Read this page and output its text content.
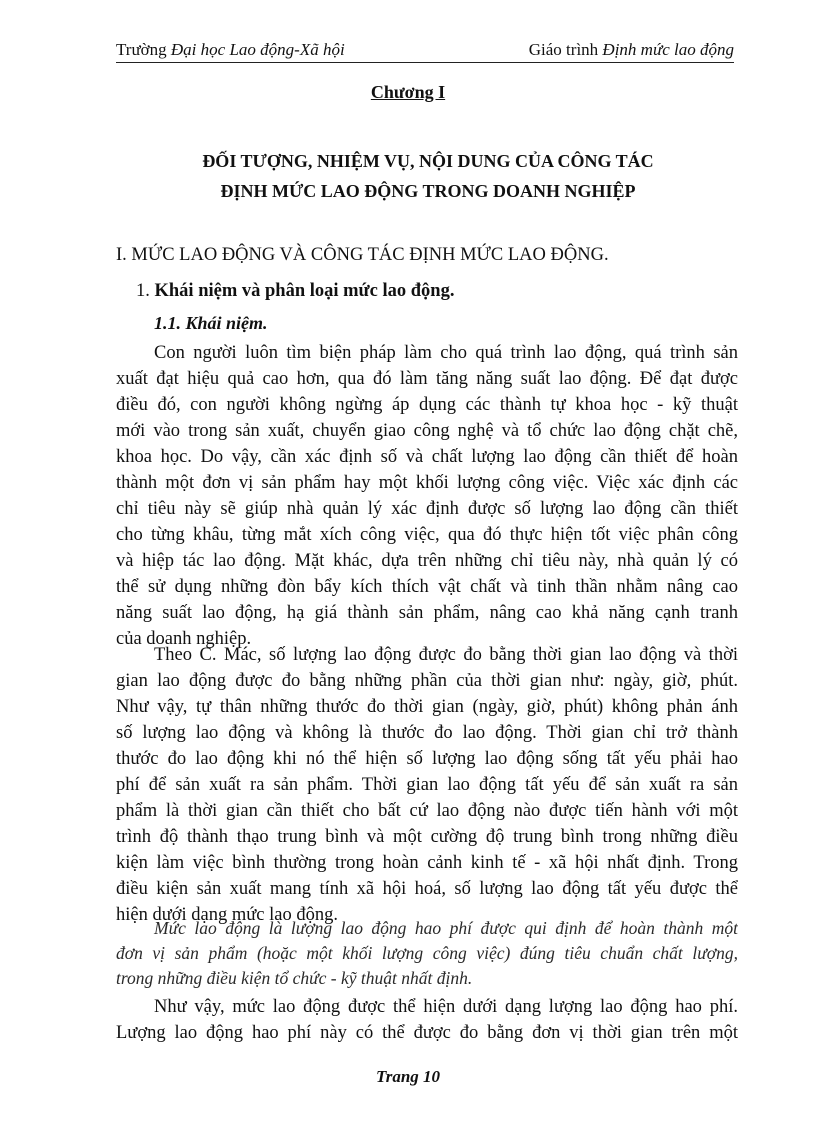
Trường Đại học Lao động-Xã hội	Giáo trình Định mức lao động
Chương I
ĐỐI TƯỢNG, NHIỆM VỤ, NỘI DUNG CỦA CÔNG TÁC
ĐỊNH MỨC LAO ĐỘNG TRONG DOANH NGHIỆP
I. MỨC LAO ĐỘNG VÀ CÔNG TÁC ĐỊNH MỨC LAO ĐỘNG.
1. Khái niệm và phân loại mức lao động.
1.1. Khái niệm.
Con người luôn tìm biện pháp làm cho quá trình lao động, quá trình sản
xuất đạt hiệu quả cao hơn, qua đó làm tăng năng suất lao động. Để đạt được
điều đó, con người không ngừng áp dụng các thành tự khoa học - kỹ thuật
mới vào trong sản xuất, chuyển giao công nghệ và tổ chức lao động chặt chẽ,
khoa học. Do vậy, cần xác định số và chất lượng lao động cần thiết để hoàn
thành một đơn vị sản phẩm hay một khối lượng công việc. Việc xác định các
chỉ tiêu này sẽ giúp nhà quản lý xác định được số lượng lao động cần thiết
cho từng khâu, từng mắt xích công việc, qua đó thực hiện tốt việc phân công
và hiệp tác lao động. Mặt khác, dựa trên những chỉ tiêu này, nhà quản lý có
thể sử dụng những đòn bẩy kích thích vật chất và tinh thần nhằm nâng cao
năng suất lao động, hạ giá thành sản phẩm, nâng cao khả năng cạnh tranh
của doanh nghiệp.
Theo C. Mác, số lượng lao động được đo bằng thời gian lao động và thời
gian lao động được đo bằng những phần của thời gian như: ngày, giờ, phút.
Như vậy, tự thân những thước đo thời gian (ngày, giờ, phút) không phản ánh
số lượng lao động và không là thước đo lao động. Thời gian chỉ trở thành
thước đo lao động khi nó thể hiện số lượng lao động sống tất yếu phải hao
phí để sản xuất ra sản phẩm. Thời gian lao động tất yếu để sản xuất ra sản
phẩm là thời gian cần thiết cho bất cứ lao động nào được tiến hành với một
trình độ thành thạo trung bình và một cường độ trung bình trong những điều
kiện làm việc bình thường trong hoàn cảnh kinh tế - xã hội nhất định. Trong
điều kiện sản xuất mang tính xã hội hoá, số lượng lao động tất yếu được thể
hiện dưới dạng mức lao động.
Mức lao động là lượng lao động hao phí được qui định để hoàn thành một
đơn vị sản phẩm (hoặc một khối lượng công việc) đúng tiêu chuẩn chất lượng,
trong những điều kiện tổ chức - kỹ thuật nhất định.
Như vậy, mức lao động được thể hiện dưới dạng lượng lao động hao phí.
Lượng lao động hao phí này có thể được đo bằng đơn vị thời gian trên một
Trang 10
